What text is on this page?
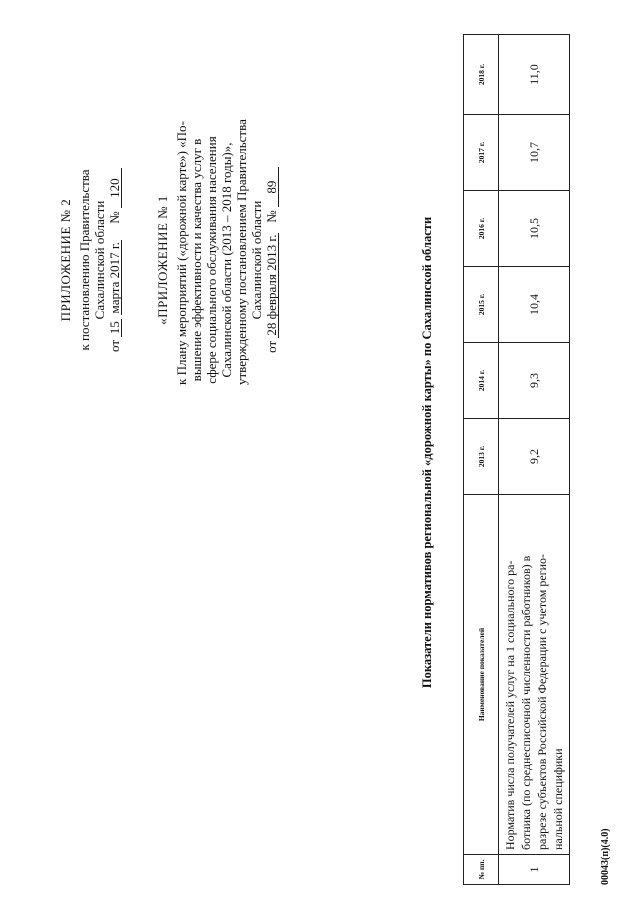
ПРИЛОЖЕНИЕ № 2 к постановлению Правительства Сахалинской области
от 15 марта 2017 г.     № 120
«ПРИЛОЖЕНИЕ № 1 к Плану мероприятий («дорожной карте») «По- вышение эффективности и качества услуг в сфере социального обслуживания населения Сахалинской области (2013 – 2018 годы)», утвержденному постановлением Правительства Сахалинской области
от 28 февраля 2013 г.   № 89
Показатели нормативов региональной «дорожной карты» по Сахалинской области
№ пп.	Наименование показателей	2013 г.	2014 г.	2015 г.	2016 г.	2017 г.	2018 г.
1	Норматив числа получателей услуг на 1 социального ра- ботника (по среднесписочной численности работников) в разрезе субъектов Российской Федерации с учетом регио- нальной специфики	9,2	9,3	10,4	10,5	10,7	11,0
00043(п)(4.0)
